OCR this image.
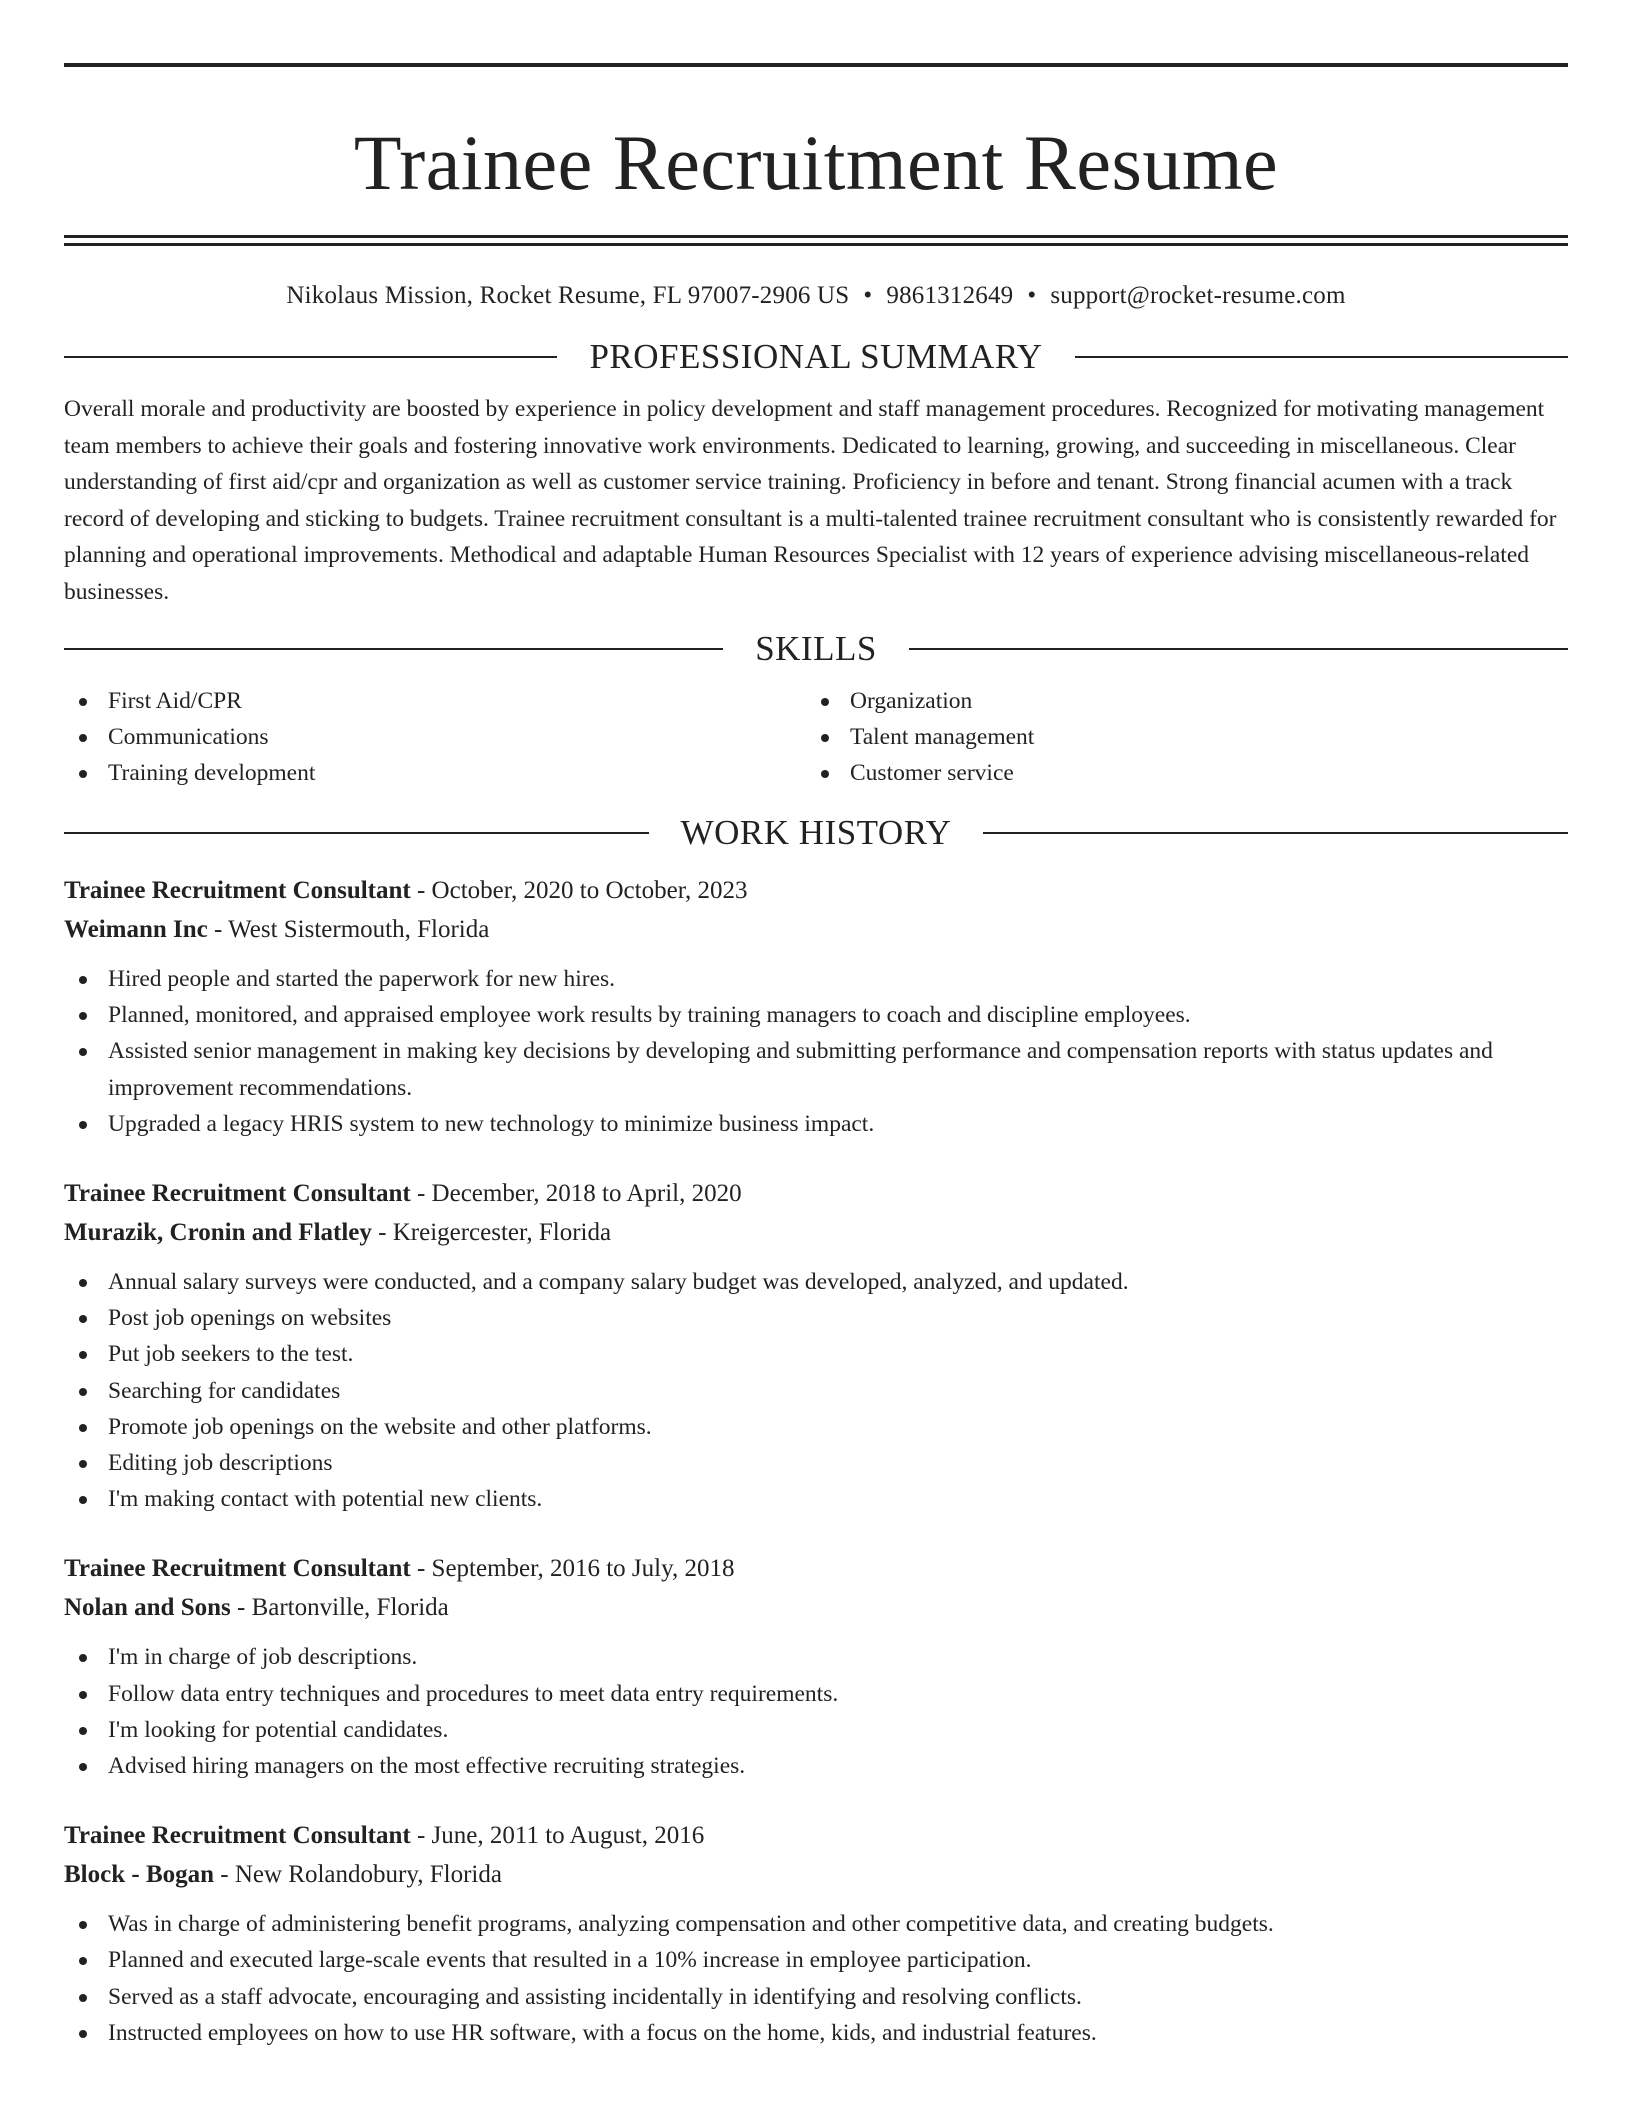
Trainee Recruitment Resume
Nikolaus Mission, Rocket Resume, FL 97007-2906 US • 9861312649 • support@rocket-resume.com
PROFESSIONAL SUMMARY
Overall morale and productivity are boosted by experience in policy development and staff management procedures. Recognized for motivating management team members to achieve their goals and fostering innovative work environments. Dedicated to learning, growing, and succeeding in miscellaneous. Clear understanding of first aid/cpr and organization as well as customer service training. Proficiency in before and tenant. Strong financial acumen with a track record of developing and sticking to budgets. Trainee recruitment consultant is a multi-talented trainee recruitment consultant who is consistently rewarded for planning and operational improvements. Methodical and adaptable Human Resources Specialist with 12 years of experience advising miscellaneous-related businesses.
SKILLS
First Aid/CPR
Communications
Training development
Organization
Talent management
Customer service
WORK HISTORY
Trainee Recruitment Consultant - October, 2020 to October, 2023
Weimann Inc - West Sistermouth, Florida
Hired people and started the paperwork for new hires.
Planned, monitored, and appraised employee work results by training managers to coach and discipline employees.
Assisted senior management in making key decisions by developing and submitting performance and compensation reports with status updates and improvement recommendations.
Upgraded a legacy HRIS system to new technology to minimize business impact.
Trainee Recruitment Consultant - December, 2018 to April, 2020
Murazik, Cronin and Flatley - Kreigercester, Florida
Annual salary surveys were conducted, and a company salary budget was developed, analyzed, and updated.
Post job openings on websites
Put job seekers to the test.
Searching for candidates
Promote job openings on the website and other platforms.
Editing job descriptions
I'm making contact with potential new clients.
Trainee Recruitment Consultant - September, 2016 to July, 2018
Nolan and Sons - Bartonville, Florida
I'm in charge of job descriptions.
Follow data entry techniques and procedures to meet data entry requirements.
I'm looking for potential candidates.
Advised hiring managers on the most effective recruiting strategies.
Trainee Recruitment Consultant - June, 2011 to August, 2016
Block - Bogan - New Rolandobury, Florida
Was in charge of administering benefit programs, analyzing compensation and other competitive data, and creating budgets.
Planned and executed large-scale events that resulted in a 10% increase in employee participation.
Served as a staff advocate, encouraging and assisting incidentally in identifying and resolving conflicts.
Instructed employees on how to use HR software, with a focus on the home, kids, and industrial features.
